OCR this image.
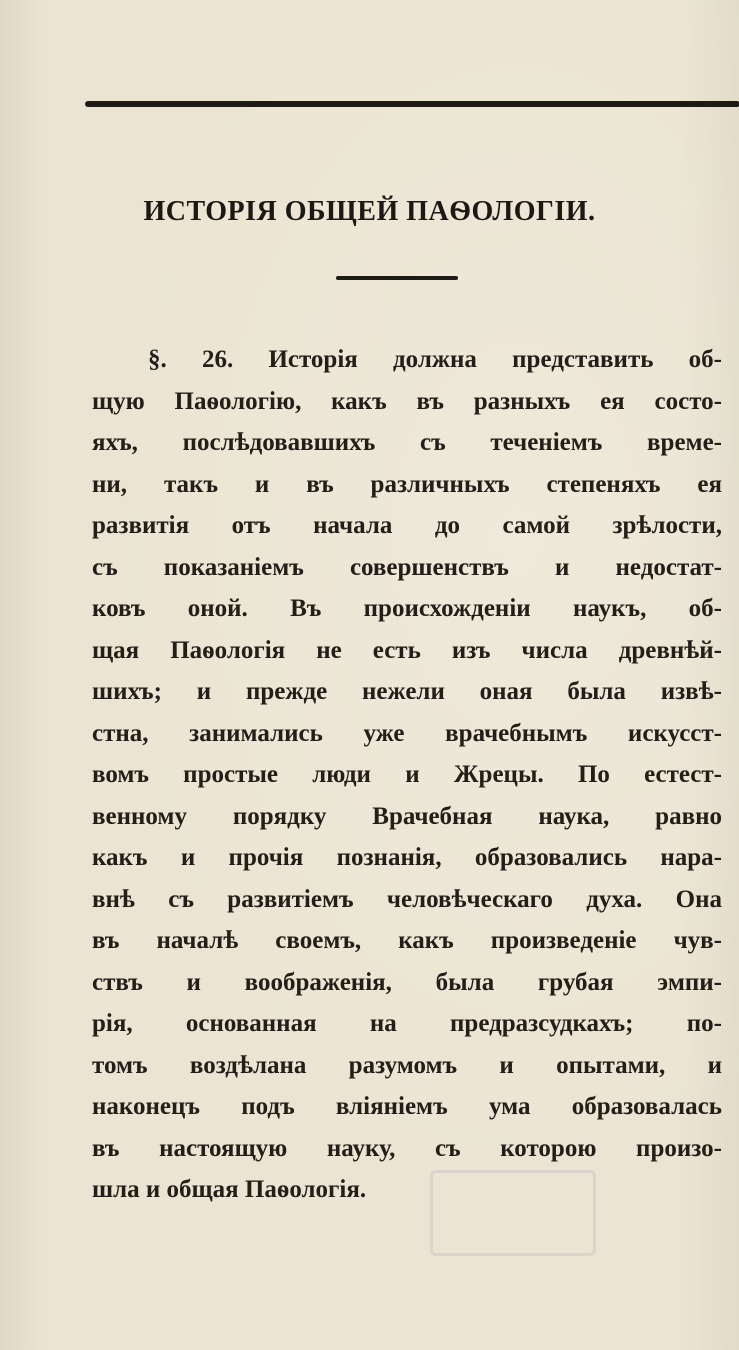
ИСТОРІЯ ОБЩЕЙ ПАѲОЛОГІИ.
§. 26. Исторія должна представить об-
щую Паѳологію, какъ въ разныхъ ея состо-
яхъ, послѣдовавшихъ съ теченіемъ време-
ни, такъ и въ различныхъ степеняхъ ея
развитія отъ начала до самой зрѣлости,
съ показаніемъ совершенствъ и недостат-
ковъ оной. Въ происхожденіи наукъ, об-
щая Паѳологія не есть изъ числа древнѣй-
шихъ; и прежде нежели оная была извѣ-
стна, занимались уже врачебнымъ искусст-
вомъ простые люди и Жрецы. По естест-
венному порядку Врачебная наука, равно
какъ и прочія познанія, образовались нара-
внѣ съ развитіемъ человѣческаго духа. Она
въ началѣ своемъ, какъ произведеніе чув-
ствъ и воображенія, была грубая эмпи-
рія, основанная на предразсудкахъ; по-
томъ воздѣлана разумомъ и опытами, и
наконецъ подъ вліяніемъ ума образовалась
въ настоящую науку, съ которою произо-
шла и общая Паѳологія.
